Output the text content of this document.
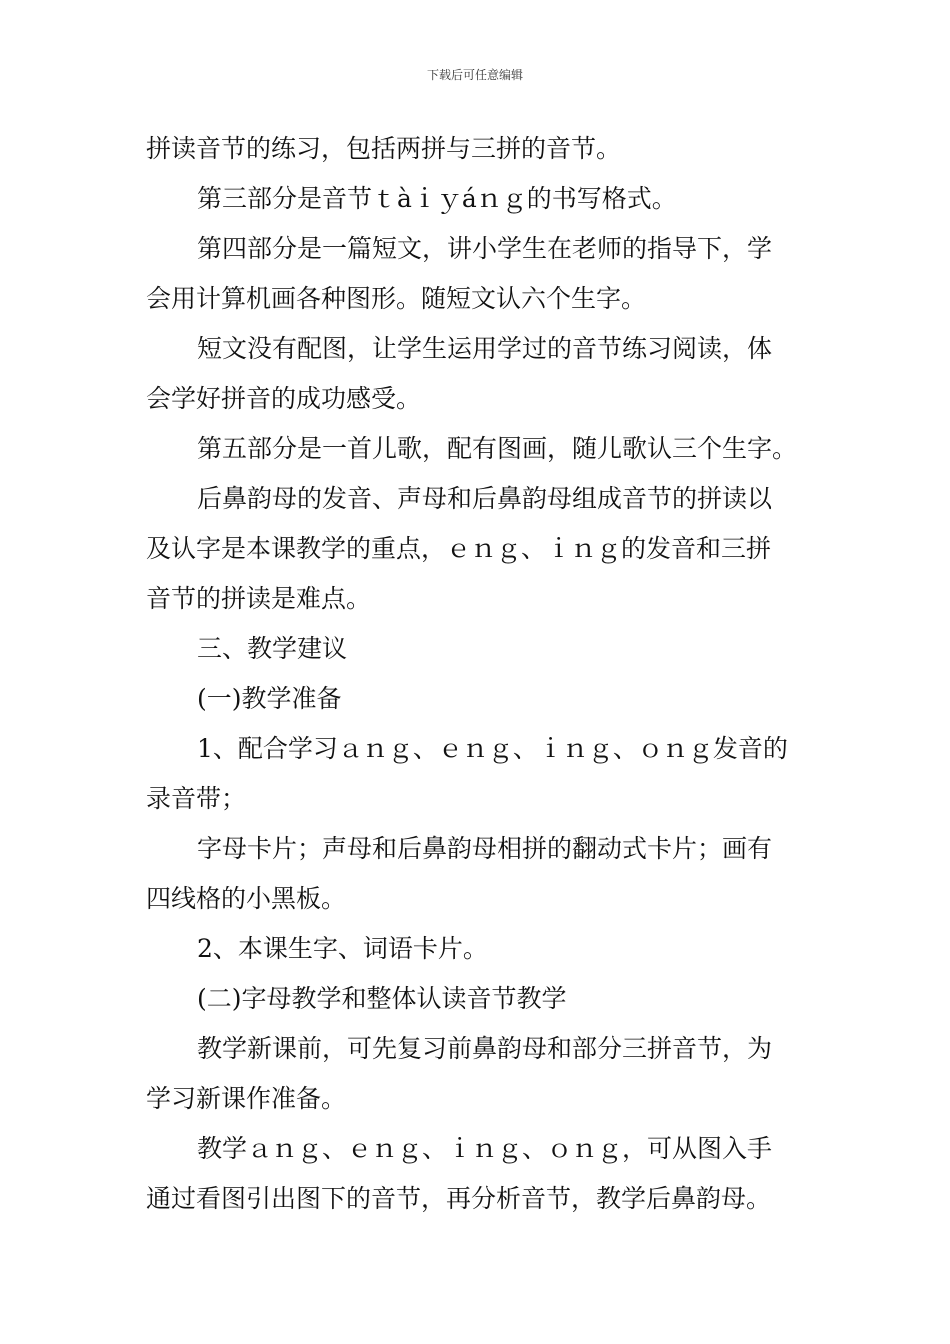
下载后可任意编辑
拼读音节的练习，包括两拼与三拼的音节。
第三部分是音节ｔàｉｙáｎｇ的书写格式。
第四部分是一篇短文，讲小学生在老师的指导下，学
会用计算机画各种图形。随短文认六个生字。
短文没有配图，让学生运用学过的音节练习阅读，体
会学好拼音的成功感受。
第五部分是一首儿歌，配有图画，随儿歌认三个生字。
后鼻韵母的发音、声母和后鼻韵母组成音节的拼读以
及认字是本课教学的重点，ｅｎｇ、ｉｎｇ的发音和三拼
音节的拼读是难点。
三、教学建议
(一)教学准备
1、配合学习ａｎｇ、ｅｎｇ、ｉｎｇ、ｏｎｇ发音的
录音带；
字母卡片；声母和后鼻韵母相拼的翻动式卡片；画有
四线格的小黑板。
2、本课生字、词语卡片。
(二)字母教学和整体认读音节教学
教学新课前，可先复习前鼻韵母和部分三拼音节，为
学习新课作准备。
教学ａｎｇ、ｅｎｇ、ｉｎｇ、ｏｎｇ，可从图入手
通过看图引出图下的音节，再分析音节，教学后鼻韵母。
